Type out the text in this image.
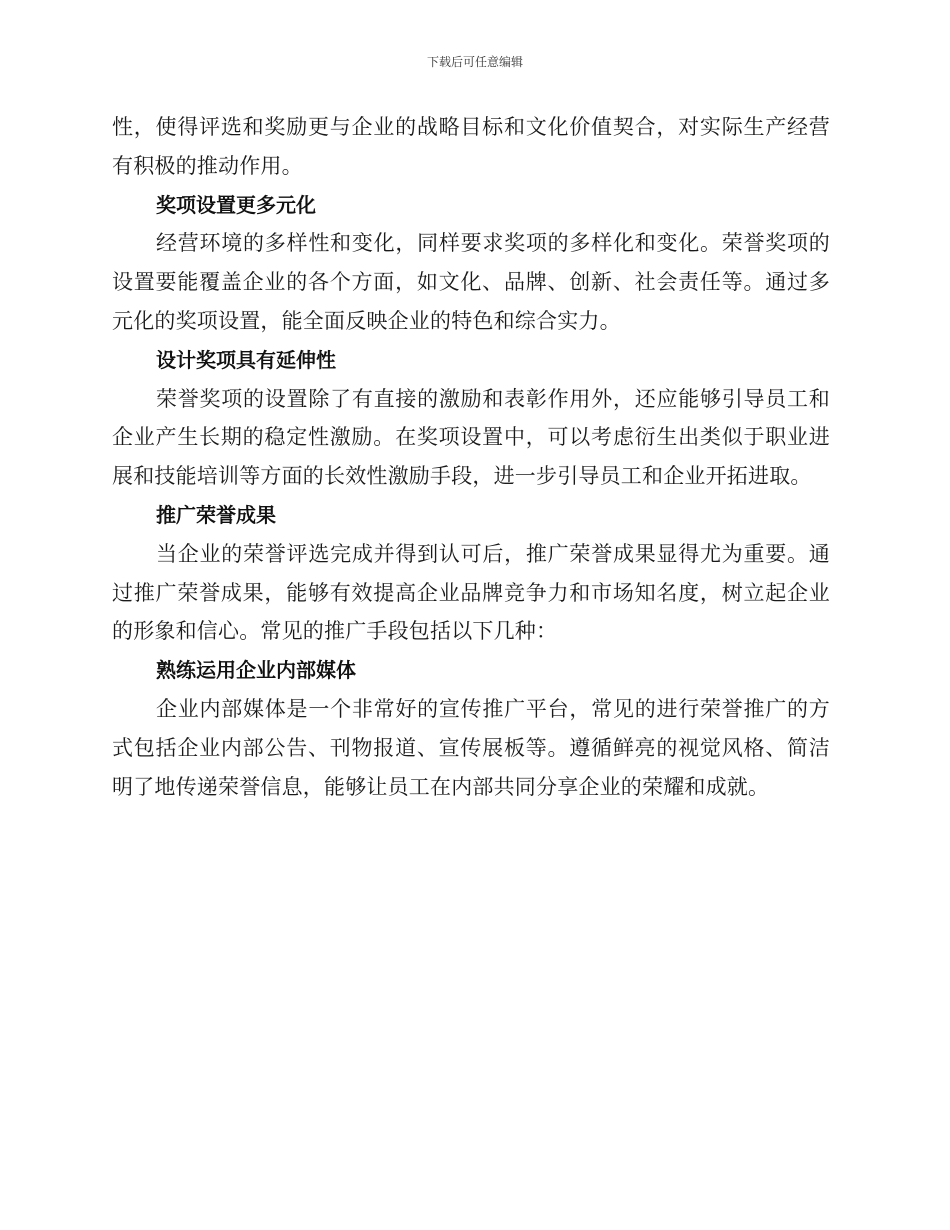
下载后可任意编辑

性，使得评选和奖励更与企业的战略目标和文化价值契合，对实际生产经营有积极的推动作用。

奖项设置更多元化

经营环境的多样性和变化，同样要求奖项的多样化和变化。荣誉奖项的设置要能覆盖企业的各个方面，如文化、品牌、创新、社会责任等。通过多元化的奖项设置，能全面反映企业的特色和综合实力。

设计奖项具有延伸性

荣誉奖项的设置除了有直接的激励和表彰作用外，还应能够引导员工和企业产生长期的稳定性激励。在奖项设置中，可以考虑衍生出类似于职业进展和技能培训等方面的长效性激励手段，进一步引导员工和企业开拓进取。

推广荣誉成果

当企业的荣誉评选完成并得到认可后，推广荣誉成果显得尤为重要。通过推广荣誉成果，能够有效提高企业品牌竞争力和市场知名度，树立起企业的形象和信心。常见的推广手段包括以下几种：

熟练运用企业内部媒体

企业内部媒体是一个非常好的宣传推广平台，常见的进行荣誉推广的方式包括企业内部公告、刊物报道、宣传展板等。遵循鲜亮的视觉风格、简洁明了地传递荣誉信息，能够让员工在内部共同分享企业的荣耀和成就。
